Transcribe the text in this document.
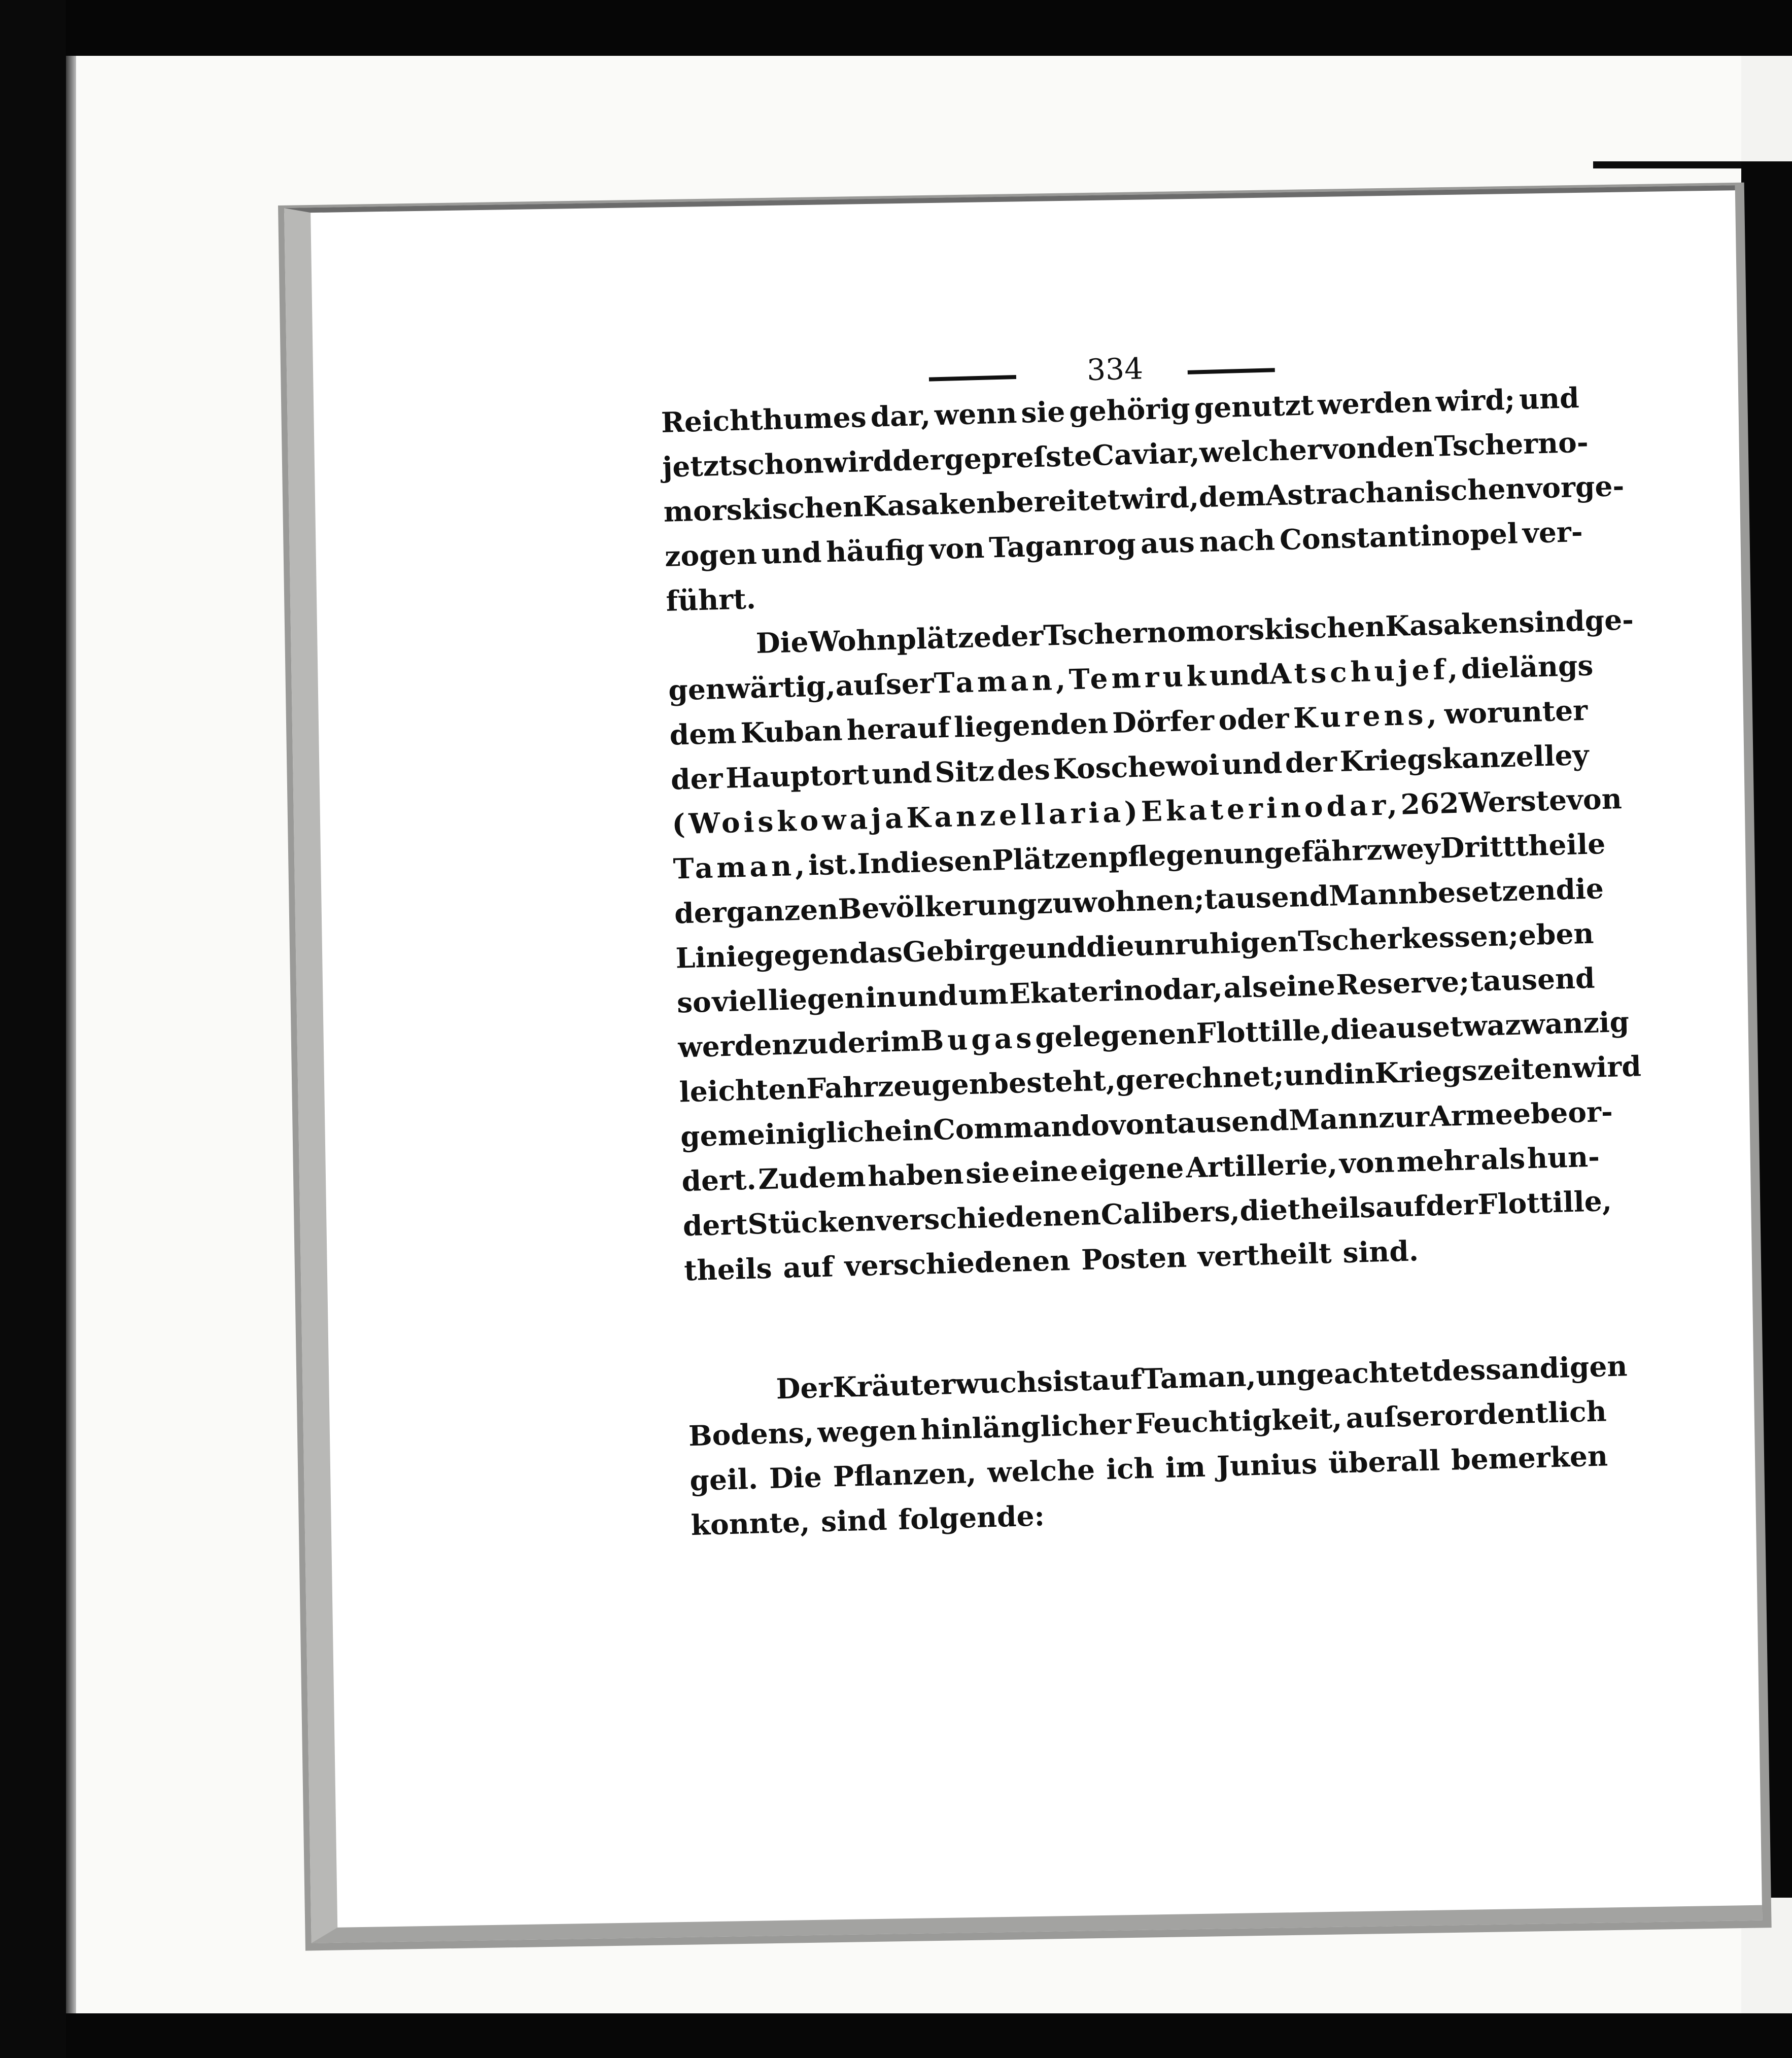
334
Reichthumes dar, wenn sie gehörig genutzt werden wird; und
jetzt
schon
wird
der
gepreſste
Caviar,
welcher
von
den
Tscherno-
morskischen
Kasaken
bereitet
wird,
dem
Astrachanischen
vorge-
zogen und häufig von Taganrog aus nach Constantinopel ver-
führt.
Die
Wohnplätze
der
Tschernomorskischen
Kasaken
sind
ge-
genwärtig,
auſser
Taman,
Temruk
und
Atschujef,
die
längs
dem Kuban herauf liegenden Dörfer oder Kurens, worunter
der Hauptort und Sitz des Koschewoi und der Kriegskanzelley
(Woiskowaja
Kanzellaria)
Ekaterinodar,
262
Werste
von
Taman,
ist.
In
diesen
Plätzen
pflegen
ungefähr
zwey
Dritttheile
der
ganzen
Bevölkerung
zu
wohnen;
tausend
Mann
besetzen
die
Linie
gegen
das
Gebirge
und
die
unruhigen
Tscherkessen;
eben
so viel liegen in und um Ekaterinodar, als eine Reserve; tausend
werden
zu
der
im
Bugas
gelegenen
Flottille,
die
aus
etwa
zwanzig
leichten
Fahrzeugen
besteht,
gerechnet;
und
in
Kriegszeiten
wird
gemeiniglich
ein
Commando
von
tausend
Mann
zur
Armee
beor-
dert. Zudem haben sie eine eigene Artillerie, von mehr als hun-
dert
Stücken
verschiedenen
Calibers,
die
theils
auf
der
Flottille,
theils auf verschiedenen Posten vertheilt sind.
Der
Kräuterwuchs
ist
auf
Taman,
ungeachtet
des
sandigen
Bodens, wegen hinlänglicher Feuchtigkeit, auſserordentlich
geil. Die Pflanzen, welche ich im Junius überall bemerken
konnte, sind folgende:
